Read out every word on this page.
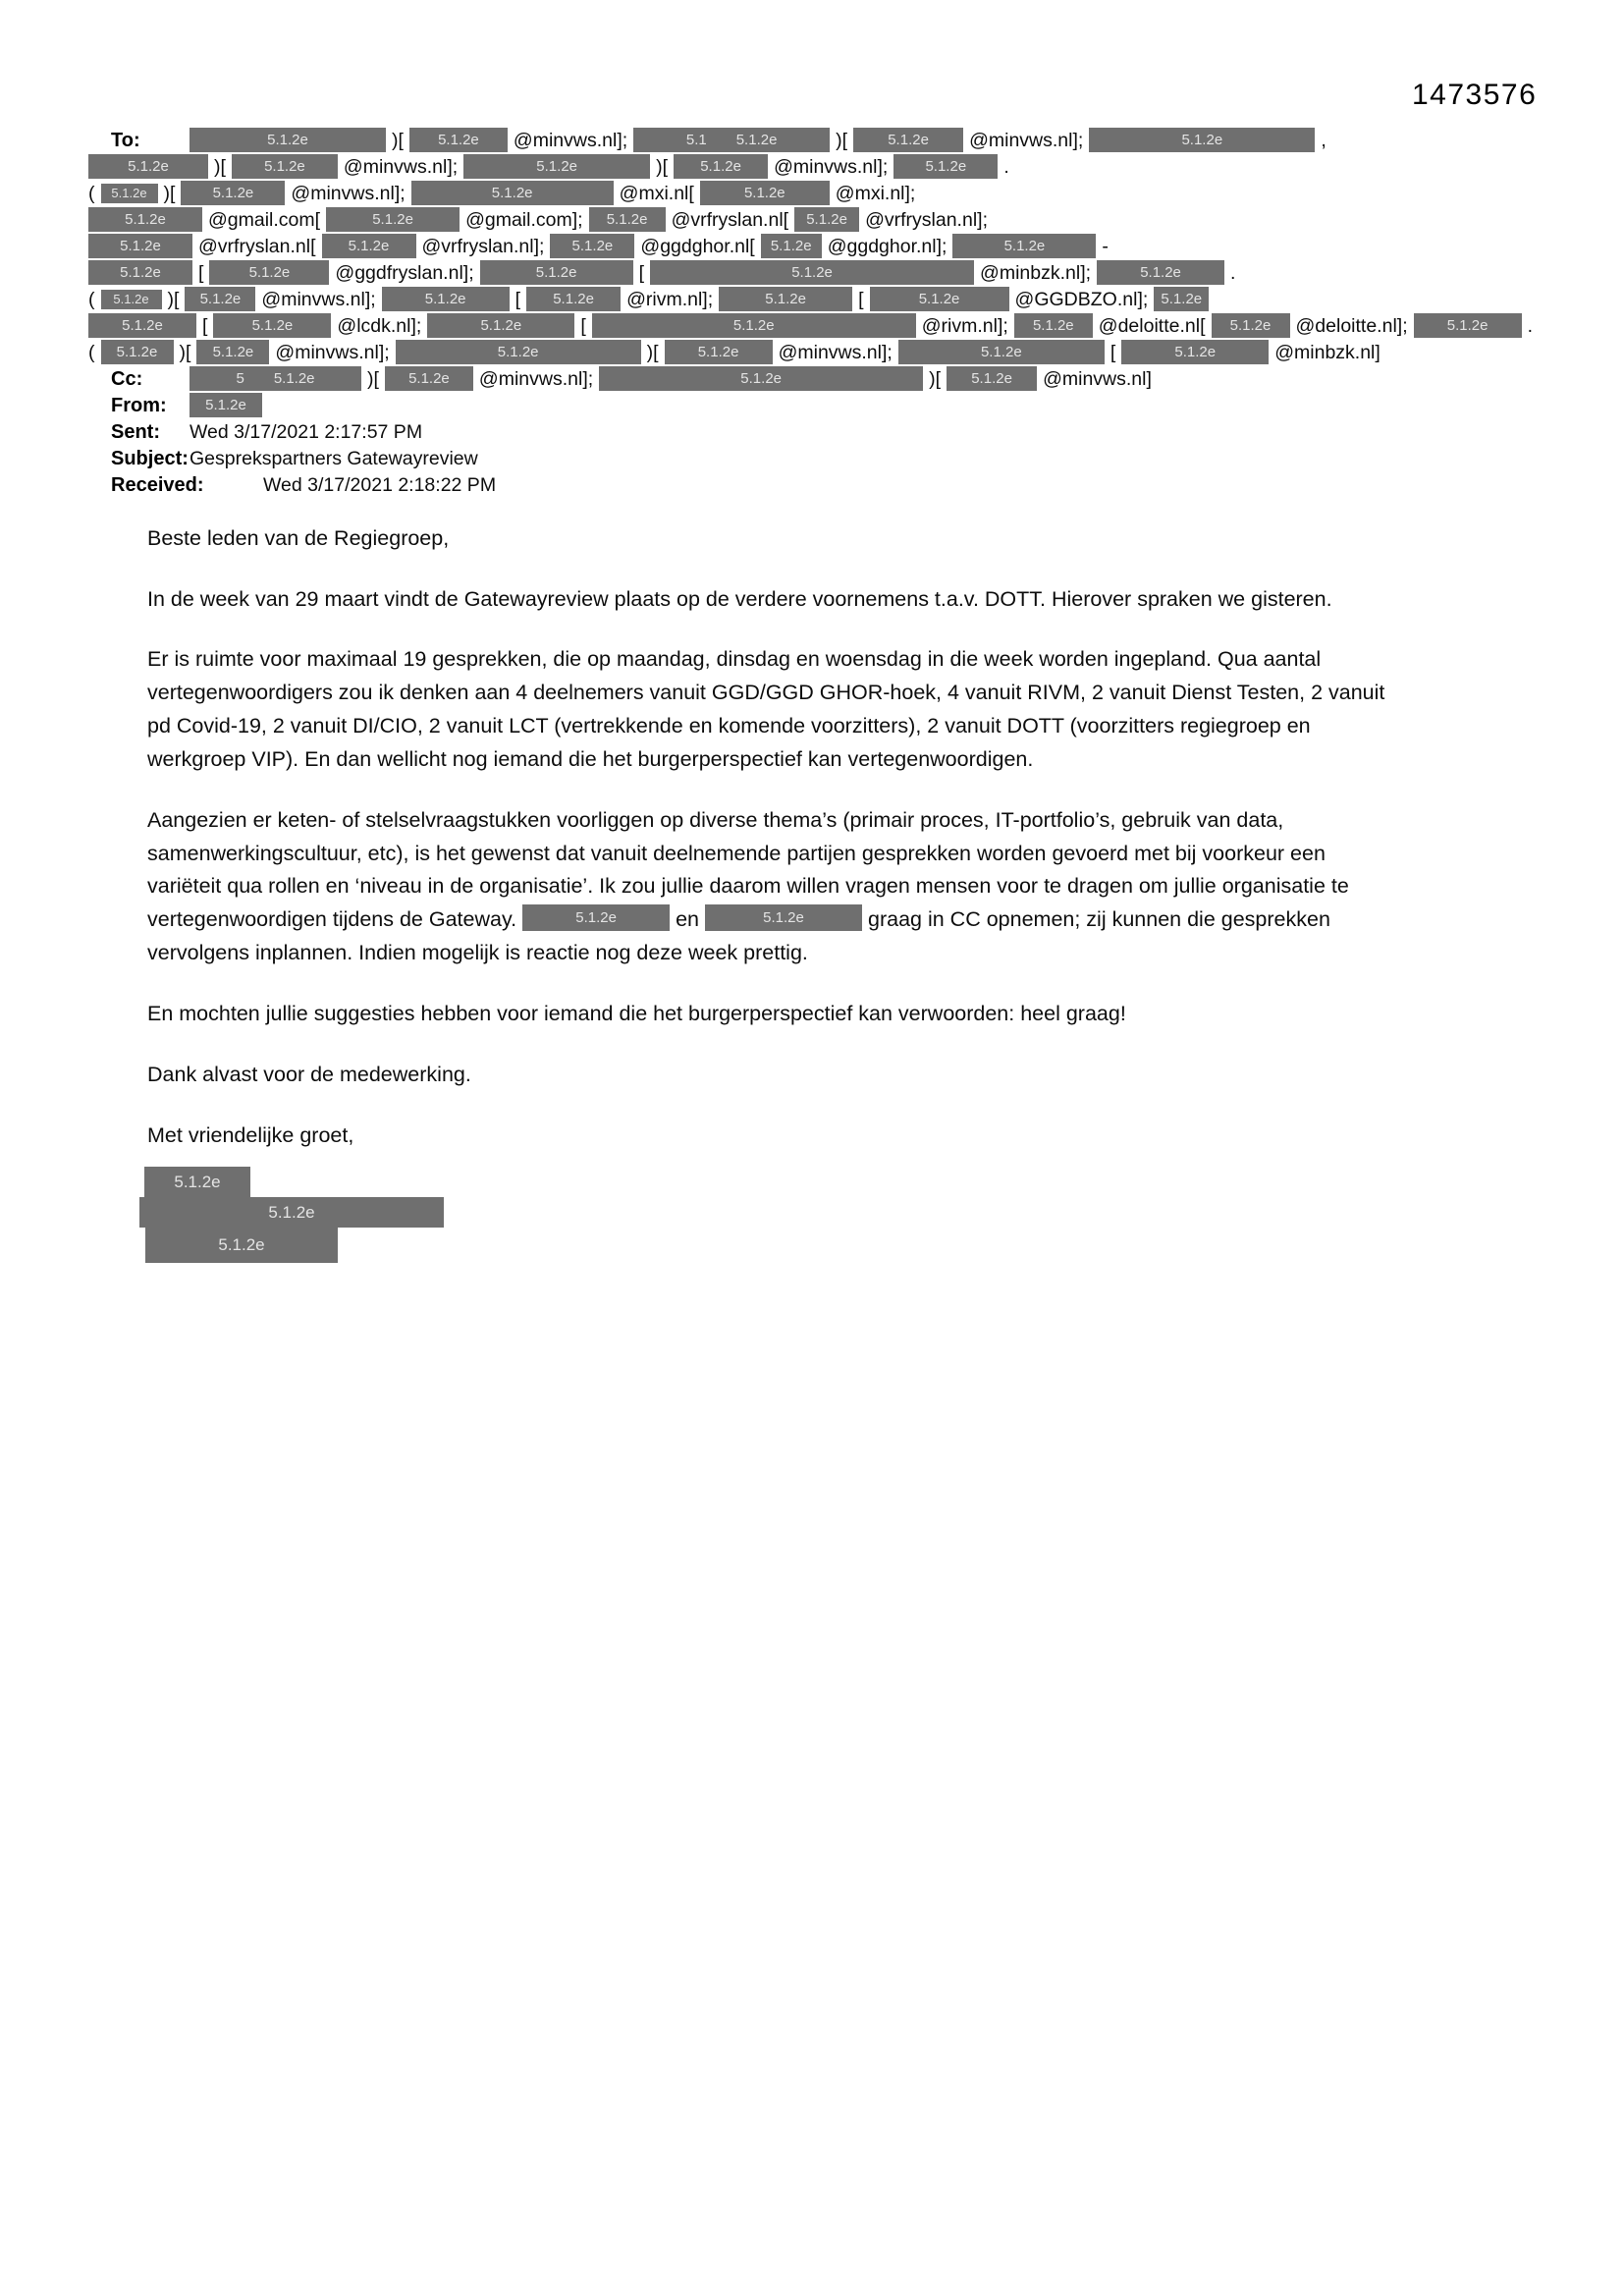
1473576
To:	5.1.2e	)[ 5.1.2e @minvws.nl];	5.1 5.1.2e	)[	5.1.2e @minvws.nl];	5.1.2e	,
5.1.2e )[	5.1.2e @minvws.nl];	5.1.2e	)[ 5.1.2e @minvws.nl];	5.1.2e .
( 5.1.2e )[	5.1.2e @minvws.nl];	5.1.2e	@mxi.nl[	5.1.2e	@mxi.nl];
5.1.2e @gmail.com[	5.1.2e	@gmail.com]; 5.1.2e @vrfryslan.nl[ 5.1.2e @vrfryslan.nl];
5.1.2e @vrfryslan.nl[ 5.1.2e @vrfryslan.nl]; 5.1.2e @ggdghor.nl[ 5.1.2e @ggdghor.nl];	5.1.2e	-
5.1.2e [	5.1.2e @ggdfryslan.nl];	5.1.2e	[	5.1.2e	@minbzk.nl];	5.1.2e	.
( 5.1.2e )[ 5.1.2e @minvws.nl];	5.1.2e	[ 5.1.2e @rivm.nl];	5.1.2e	[	5.1.2e	@GGDBZO.nl]; 5.1.2e
5.1.2e [	5.1.2e @lcdk.nl];	5.1.2e	[	5.1.2e	@rivm.nl]; 5.1.2e @deloitte.nl[ 5.1.2e @deloitte.nl];	5.1.2e .
( 5.1.2e )[ 5.1.2e @minvws.nl];	5.1.2e	)[	5.1.2e @minvws.nl];	5.1.2e	[	5.1.2e	@minbzk.nl]
Cc:	5 5.1.2e	)[ 5.1.2e @minvws.nl];	5.1.2e	)[ 5.1.2e @minvws.nl]
From:	5.1.2e
Sent: Wed 3/17/2021 2:17:57 PM
Subject:Gesprekspartners Gatewayreview
Received:	Wed 3/17/2021 2:18:22 PM
Beste leden van de Regiegroep,
In de week van 29 maart vindt de Gatewayreview plaats op de verdere voornemens t.a.v. DOTT. Hierover spraken we gisteren.
Er is ruimte voor maximaal 19 gesprekken, die op maandag, dinsdag en woensdag in die week worden ingepland. Qua aantal
vertegenwoordigers zou ik denken aan 4 deelnemers vanuit GGD/GGD GHOR-hoek, 4 vanuit RIVM, 2 vanuit Dienst Testen, 2 vanuit
pd Covid-19, 2 vanuit DI/CIO, 2 vanuit LCT (vertrekkende en komende voorzitters), 2 vanuit DOTT (voorzitters regiegroep en
werkgroep VIP). En dan wellicht nog iemand die het burgerperspectief kan vertegenwoordigen.
Aangezien er keten- of stelselvraagstukken voorliggen op diverse thema’s (primair proces, IT-portfolio’s, gebruik van data,
samenwerkingscultuur, etc), is het gewenst dat vanuit deelnemende partijen gesprekken worden gevoerd met bij voorkeur een
variëteit qua rollen en ‘niveau in de organisatie’. Ik zou jullie daarom willen vragen mensen voor te dragen om jullie organisatie te
vertegenwoordigen tijdens de Gateway.	5.1.2e	en	5.1.2e	graag in CC opnemen; zij kunnen die gesprekken
vervolgens inplannen. Indien mogelijk is reactie nog deze week prettig.
En mochten jullie suggesties hebben voor iemand die het burgerperspectief kan verwoorden: heel graag!
Dank alvast voor de medewerking.
Met vriendelijke groet,
5.1.2e
5.1.2e
5.1.2e
